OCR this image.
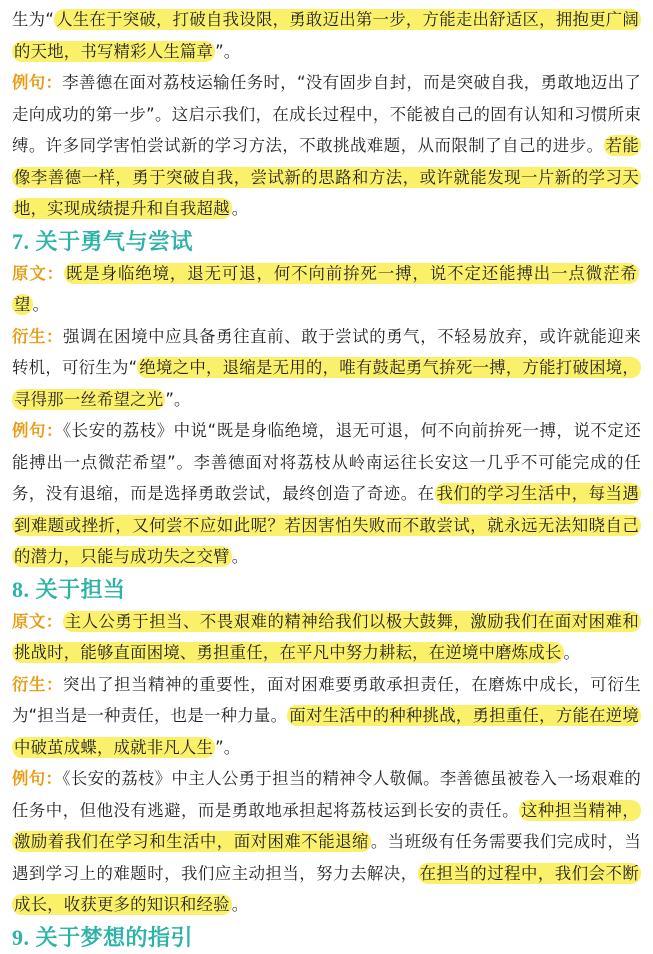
生为“ 人生在于突破，打破自我设限，勇敢迈出第一步，方能走出舒适区，拥抱更广阔的天地，书写精彩人生篇章 ”。

例句：李善德在面对荔枝运输任务时，“没有固步自封，而是突破自我，勇敢地迈出了走向成功的第一步”。这启示我们，在成长过程中，不能被自己的固有认知和习惯所束缚。许多同学害怕尝试新的学习方法，不敢挑战难题，从而限制了自己的进步。 若能像李善德一样，勇于突破自我，尝试新的思路和方法，或许就能发现一片新的学习天地，实现成绩提升和自我超越 。

7. 关于勇气与尝试

原文： 既是身临绝境，退无可退，何不向前拚死一搏，说不定还能搏出一点微茫希望 。

衍生：强调在困境中应具备勇往直前、敢于尝试的勇气，不轻易放弃，或许就能迎来转机，可衍生为“ 绝境之中，退缩是无用的，唯有鼓起勇气拚死一搏，方能打破困境，寻得那一丝希望之光 ”。

例句：《长安的荔枝》中说“既是身临绝境，退无可退，何不向前拚死一搏，说不定还能搏出一点微茫希望”。李善德面对将荔枝从岭南运往长安这一几乎不可能完成的任务，没有退缩，而是选择勇敢尝试，最终创造了奇迹。在 我们的学习生活中，每当遇到难题或挫折，又何尝不应如此呢？若因害怕失败而不敢尝试，就永远无法知晓自己的潜力，只能与成功失之交臂 。

8. 关于担当

原文： 主人公勇于担当、不畏艰难的精神给我们以极大鼓舞，激励我们在面对困难和挑战时，能够直面困境、勇担重任，在平凡中努力耕耘，在逆境中磨炼成长 。

衍生：突出了担当精神的重要性，面对困难要勇敢承担责任，在磨炼中成长，可衍生为“担当是一种责任，也是一种力量。 面对生活中的种种挑战，勇担重任，方能在逆境中破茧成蝶，成就非凡人生 ”。

例句：《长安的荔枝》中主人公勇于担当的精神令人敬佩。李善德虽被卷入一场艰难的任务中，但他没有逃避，而是勇敢地承担起将荔枝运到长安的责任。 这种担当精神，激励着我们在学习和生活中，面对困难不能退缩 。当班级有任务需要我们完成时，当遇到学习上的难题时，我们应主动担当，努力去解决， 在担当的过程中，我们会不断成长，收获更多的知识和经验 。

9. 关于梦想的指引
